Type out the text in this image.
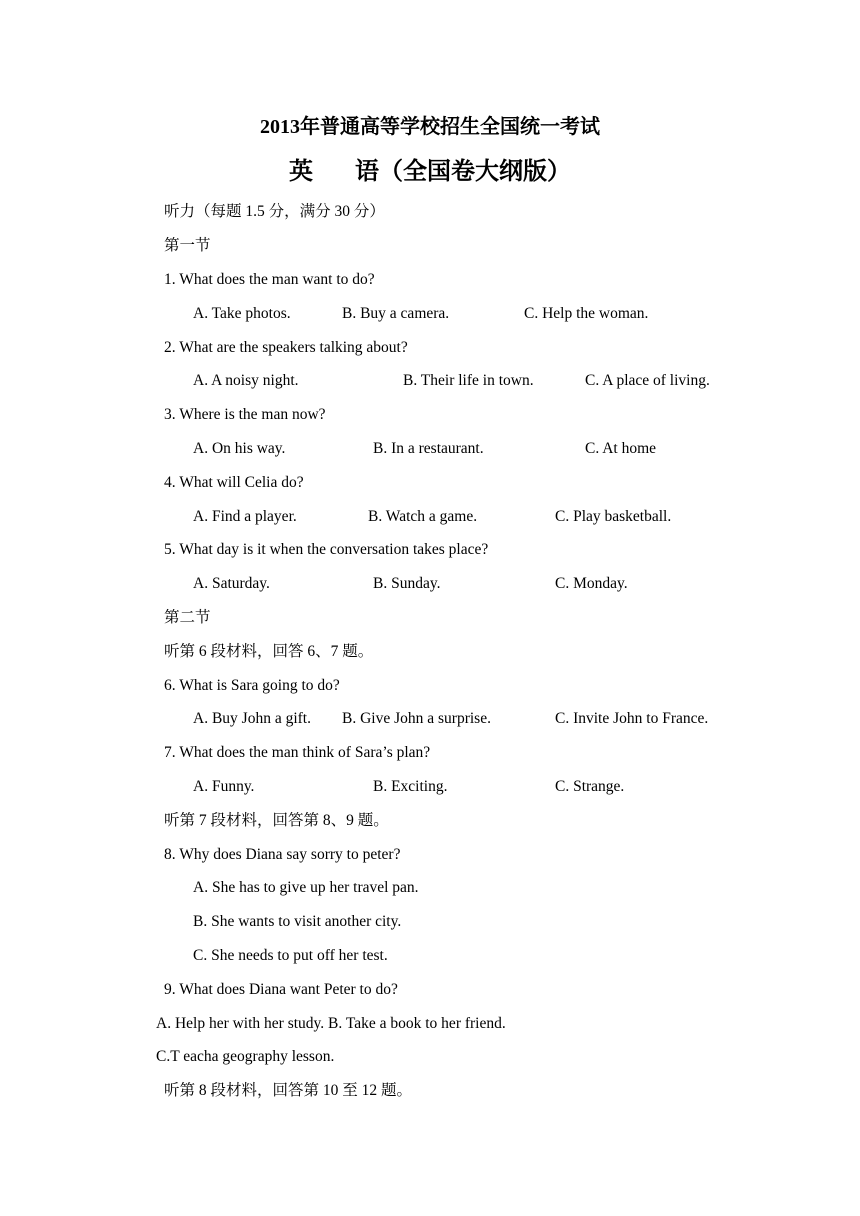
2013年普通高等学校招生全国统一考试
英 语（全国卷大纲版）
听力（每题 1.5 分，满分 30 分）
第一节
1. What does the man want to do?
A. Take photos.	B. Buy a camera.	C. Help the woman.
2. What are the speakers talking about?
A. A noisy night.	B. Their life in town.	C. A place of living.
3. Where is the man now?
A. On his way.	B. In a restaurant.	C. At home
4. What will Celia do?
A. Find a player.	B. Watch a game.	C. Play basketball.
5. What day is it when the conversation takes place?
A. Saturday.	B. Sunday.	C. Monday.
第二节
听第 6 段材料，回答 6、7 题。
6. What is Sara going to do?
A. Buy John a gift. B. Give John a surprise.	C. Invite John to France.
7. What does the man think of Sara’s plan?
A. Funny.	B. Exciting.	C. Strange.
听第 7 段材料，回答第 8、9 题。
8. Why does Diana say sorry to peter?
A. She has to give up her travel pan.
B. She wants to visit another city.
C. She needs to put off her test.
9. What does Diana want Peter to do?
A. Help her with her study. B. Take a book to her friend.
C.T eacha geography lesson.
听第 8 段材料，回答第 10 至 12 题。
